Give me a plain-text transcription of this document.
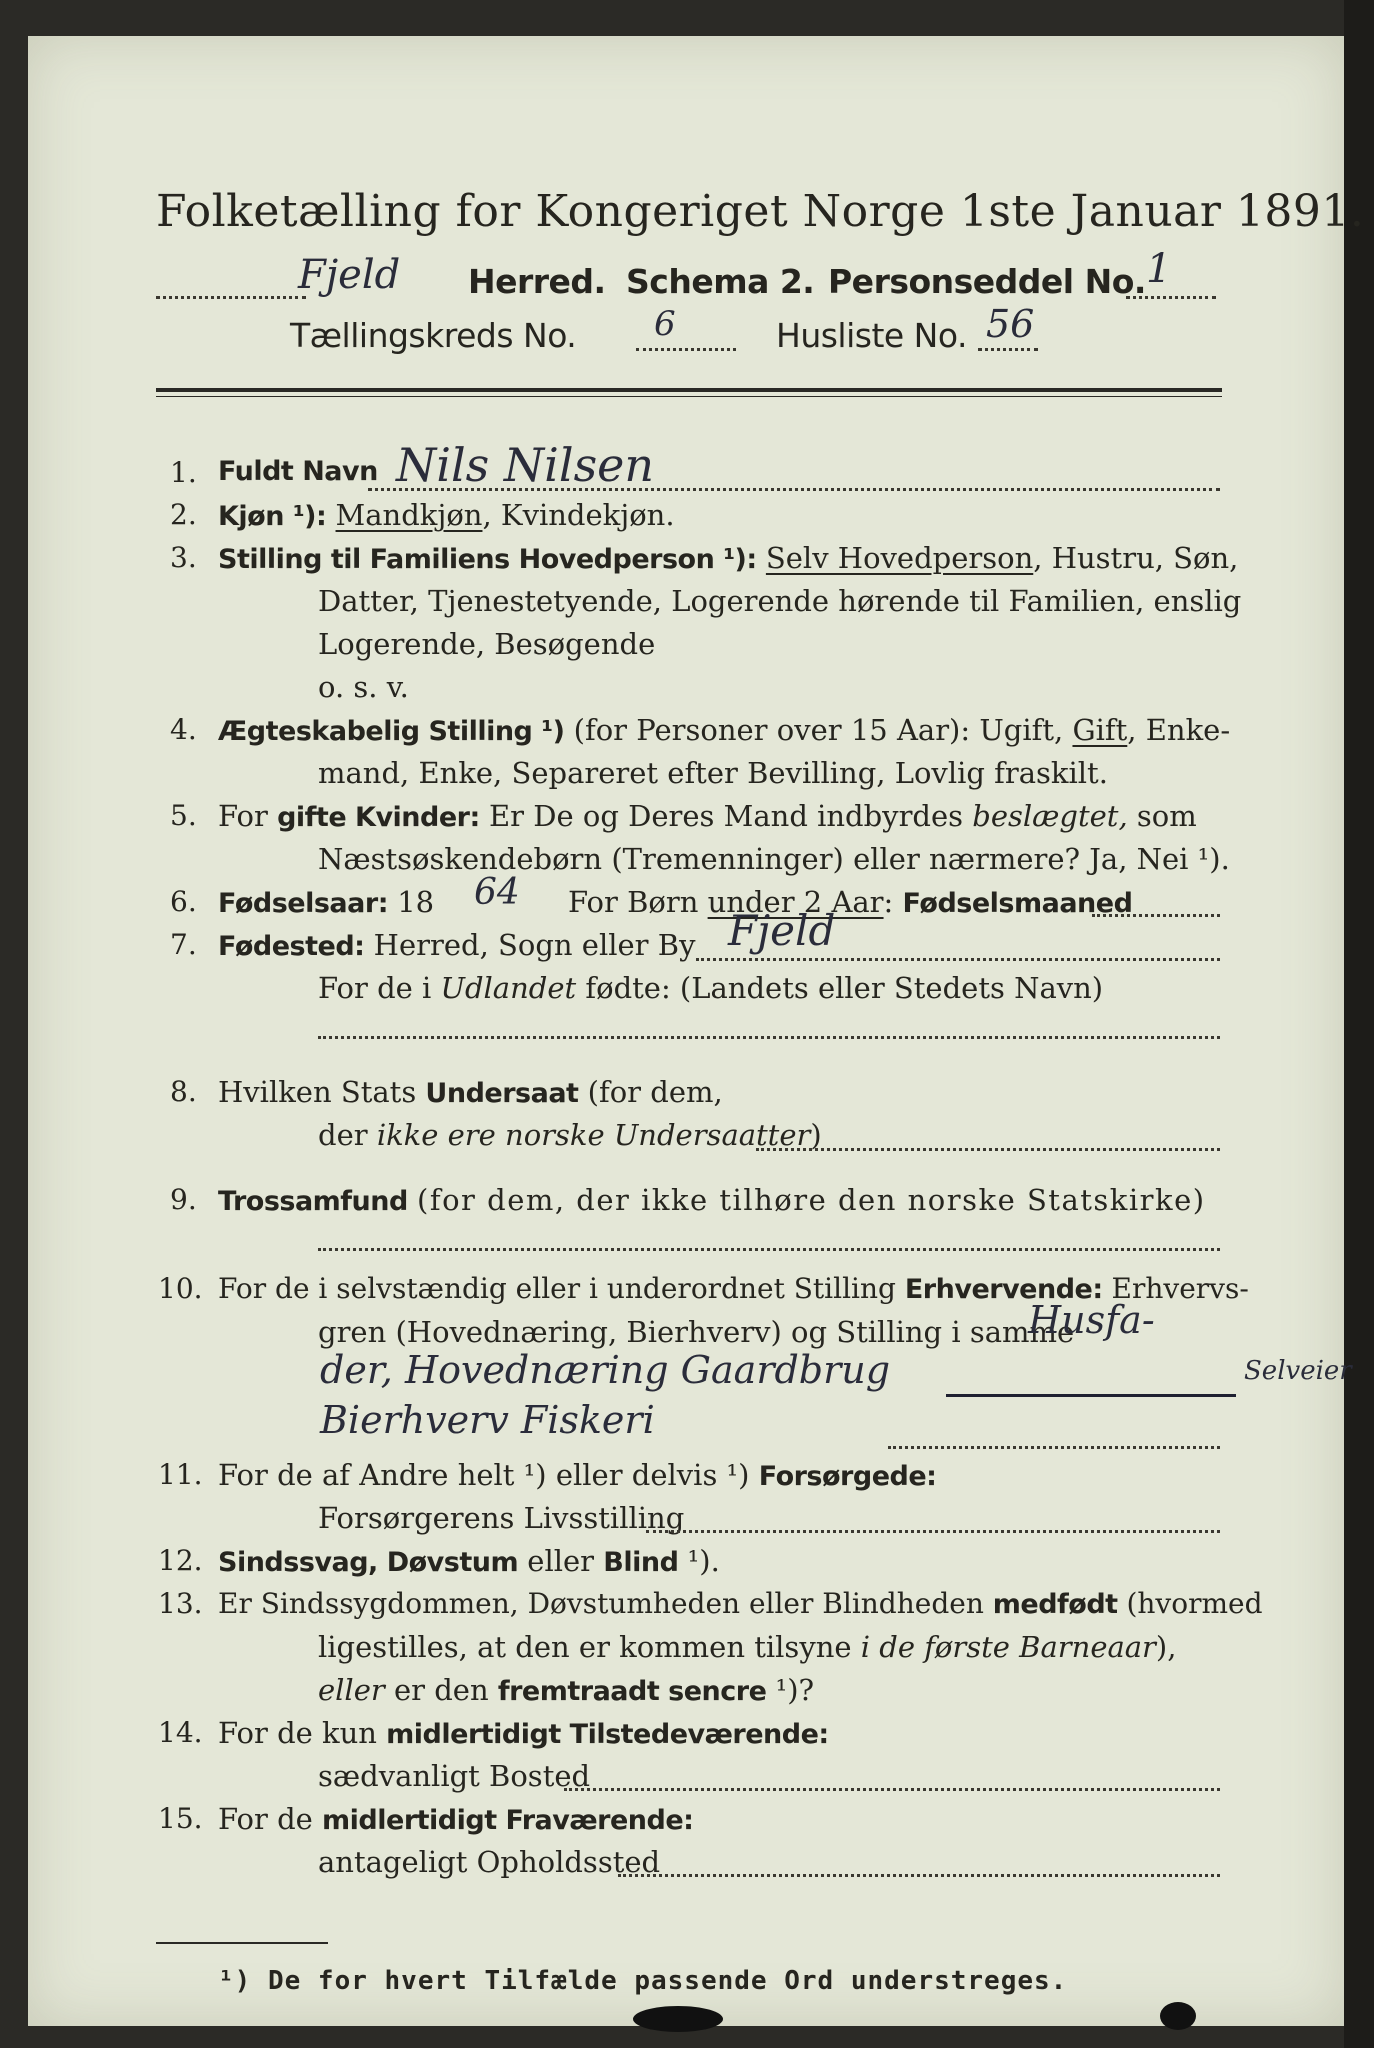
Folketælling for Kongeriget Norge 1ste Januar 1891.
Fjeld Herred. Schema 2. Personseddel No. 1
Tællingskreds No. 6	Husliste No. 56
1. Fuldt Navn Nils Nilsen
2. Kjøn ¹): Mandkjøn, Kvindekjøn.
3. Stilling til Familiens Hovedperson ¹): Selv Hovedperson, Hustru, Søn,
Datter, Tjenestetyende, Logerende hørende til Familien, enslig
Logerende, Besøgende
o. s. v.
4. Ægteskabelig Stilling ¹) (for Personer over 15 Aar): Ugift, Gift, Enke-
mand, Enke, Separeret efter Bevilling, Lovlig fraskilt.
5. For gifte Kvinder: Er De og Deres Mand indbyrdes beslægtet, som
Næstsøskendebørn (Tremenninger) eller nærmere? Ja, Nei ¹).
6. Fødselsaar: 18 64 For Børn under 2 Aar: Fødselsmaaned
7. Fødested: Herred, Sogn eller By Fjeld
For de i Udlandet fødte: (Landets eller Stedets Navn)
8. Hvilken Stats Undersaat (for dem,
der ikke ere norske Undersaatter)
9. Trossamfund (for dem, der ikke tilhøre den norske Statskirke)
10. For de i selvstændig eller i underordnet Stilling Erhvervende: Erhvervs-
gren (Hovednæring, Bierhverv) og Stilling i samme
Husfa-
der, Hovednæring Gaardbrug	Selveier
Bierhverv Fiskeri
11. For de af Andre helt ¹) eller delvis ¹) Forsørgede:
Forsørgerens Livsstilling
12. Sindssvag, Døvstum eller Blind ¹).
13. Er Sindssygdommen, Døvstumheden eller Blindheden medfødt (hvormed
ligestilles, at den er kommen tilsyne i de første Barneaar),
eller er den fremtraadt sencre ¹)?
14. For de kun midlertidigt Tilstedeværende:
sædvanligt Bosted
15. For de midlertidigt Fraværende:
antageligt Opholdssted
¹) De for hvert Tilfælde passende Ord understreges.
